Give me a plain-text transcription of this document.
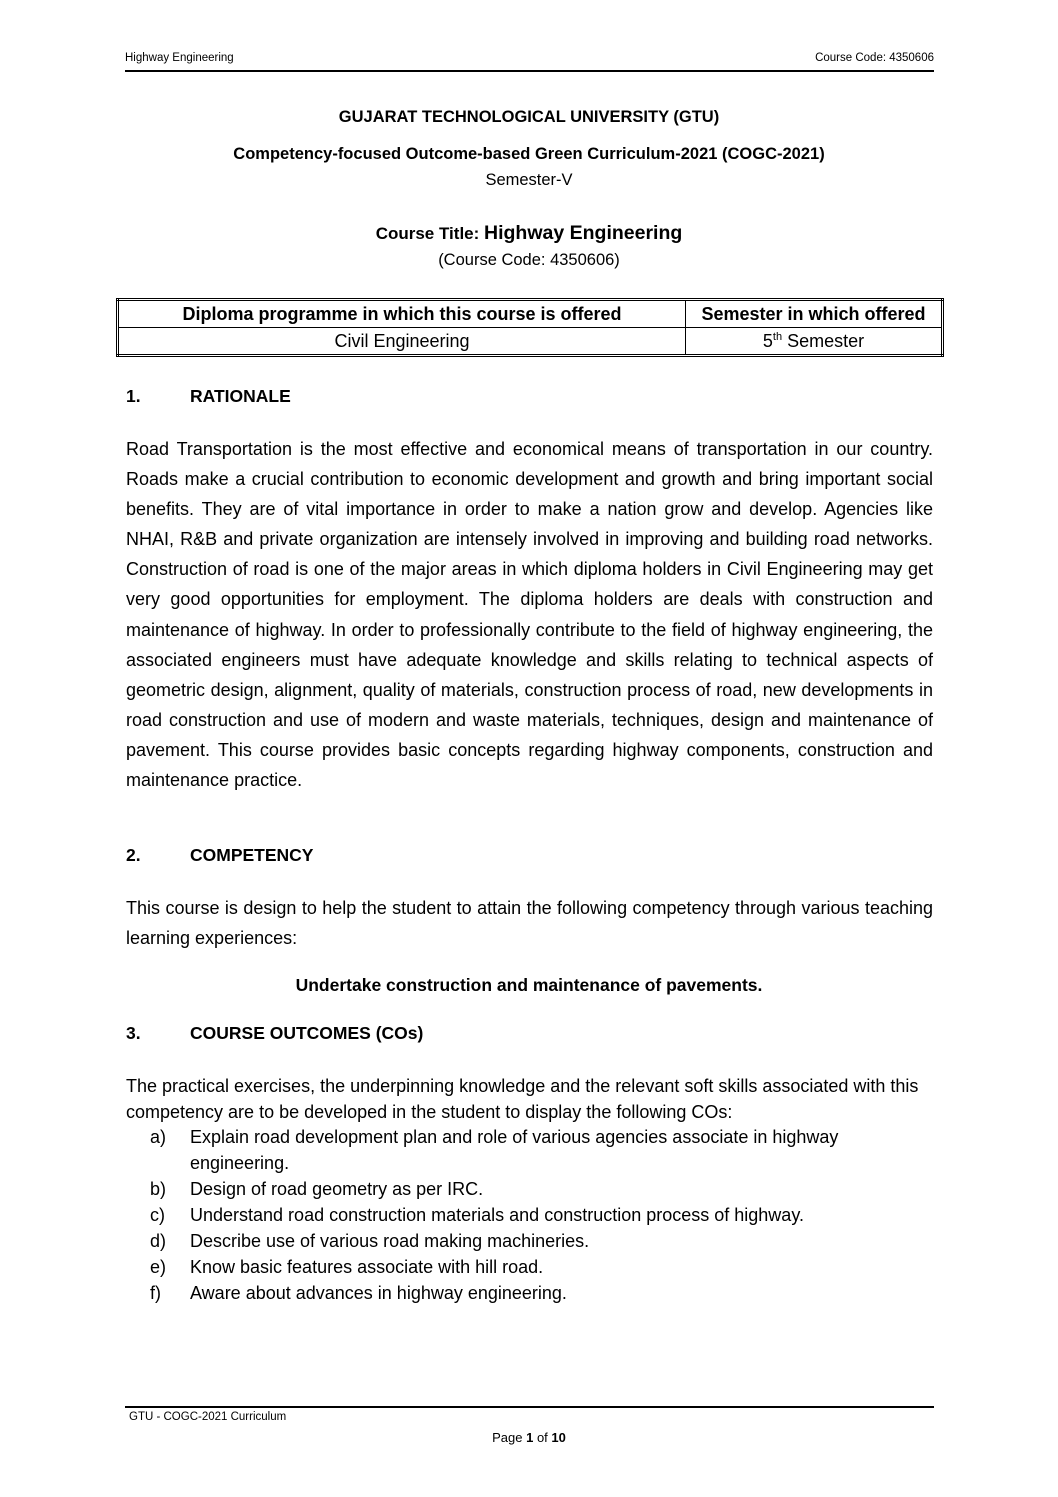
Highway Engineering	Course Code: 4350606
GUJARAT TECHNOLOGICAL UNIVERSITY (GTU)
Competency-focused Outcome-based Green Curriculum-2021 (COGC-2021)
Semester-V
Course Title: Highway Engineering
(Course Code: 4350606)
Diploma programme in which this course is offered	Semester in which offered
Civil Engineering	5th Semester
1.	RATIONALE
Road Transportation is the most effective and economical means of transportation in our country. Roads make a crucial contribution to economic development and growth and bring important social benefits. They are of vital importance in order to make a nation grow and develop. Agencies like NHAI, R&B and private organization are intensely involved in improving and building road networks. Construction of road is one of the major areas in which diploma holders in Civil Engineering may get very good opportunities for employment. The diploma holders are deals with construction and maintenance of highway. In order to professionally contribute to the field of highway engineering, the associated engineers must have adequate knowledge and skills relating to technical aspects of geometric design, alignment, quality of materials, construction process of road, new developments in road construction and use of modern and waste materials, techniques, design and maintenance of pavement. This course provides basic concepts regarding highway components, construction and maintenance practice.
2.	COMPETENCY
This course is design to help the student to attain the following competency through various teaching learning experiences:
Undertake construction and maintenance of pavements.
3.	COURSE OUTCOMES (COs)
The practical exercises, the underpinning knowledge and the relevant soft skills associated with this competency are to be developed in the student to display the following COs:
a) Explain road development plan and role of various agencies associate in highway engineering.
b) Design of road geometry as per IRC.
c) Understand road construction materials and construction process of highway.
d) Describe use of various road making machineries.
e) Know basic features associate with hill road.
f) Aware about advances in highway engineering.
GTU - COGC-2021 Curriculum
Page 1 of 10
